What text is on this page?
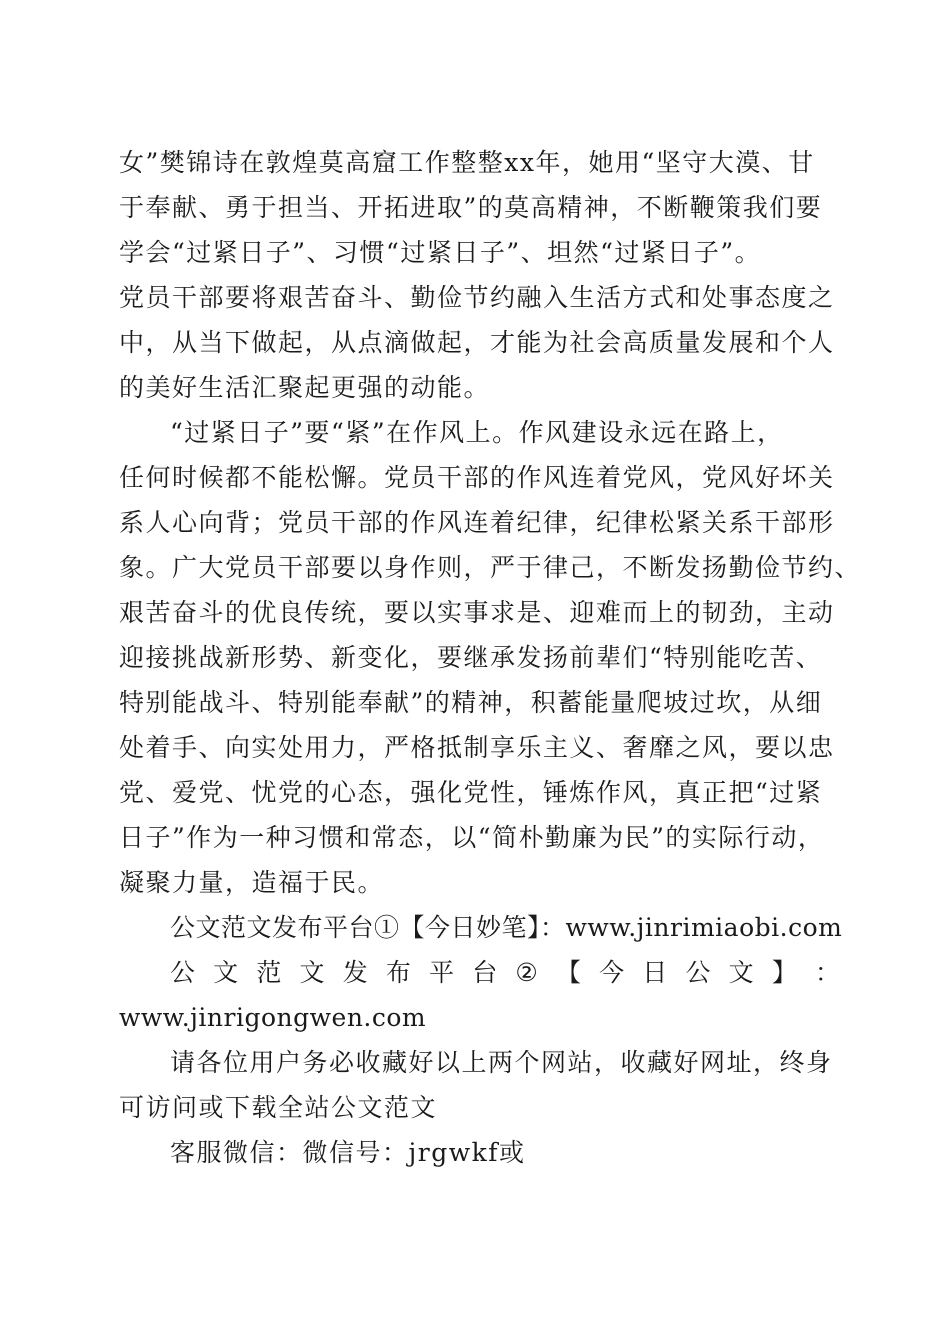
女”樊锦诗在敦煌莫高窟工作整整xx年，她用“坚守大漠、甘
于奉献、勇于担当、开拓进取”的莫高精神，不断鞭策我们要
学会“过紧日子”、习惯“过紧日子”、坦然“过紧日子”。
党员干部要将艰苦奋斗、勤俭节约融入生活方式和处事态度之
中，从当下做起，从点滴做起，才能为社会高质量发展和个人
的美好生活汇聚起更强的动能。
“过紧日子”要“紧”在作风上。作风建设永远在路上，
任何时候都不能松懈。党员干部的作风连着党风，党风好坏关
系人心向背；党员干部的作风连着纪律，纪律松紧关系干部形
象。广大党员干部要以身作则，严于律己，不断发扬勤俭节约、
艰苦奋斗的优良传统，要以实事求是、迎难而上的韧劲，主动
迎接挑战新形势、新变化，要继承发扬前辈们“特别能吃苦、
特别能战斗、特别能奉献”的精神，积蓄能量爬坡过坎，从细
处着手、向实处用力，严格抵制享乐主义、奢靡之风，要以忠
党、爱党、忧党的心态，强化党性，锤炼作风，真正把“过紧
日子”作为一种习惯和常态，以“简朴勤廉为民”的实际行动，
凝聚力量，造福于民。
公文范文发布平台①【今日妙笔】：www.jinrimiaobi.com
公 文 范 文 发 布 平 台 ② 【 今 日 公 文 】 ：
www.jinrigongwen.com
请各位用户务必收藏好以上两个网站，收藏好网址，终身
可访问或下载全站公文范文
客服微信：微信号：jrgwkf或
